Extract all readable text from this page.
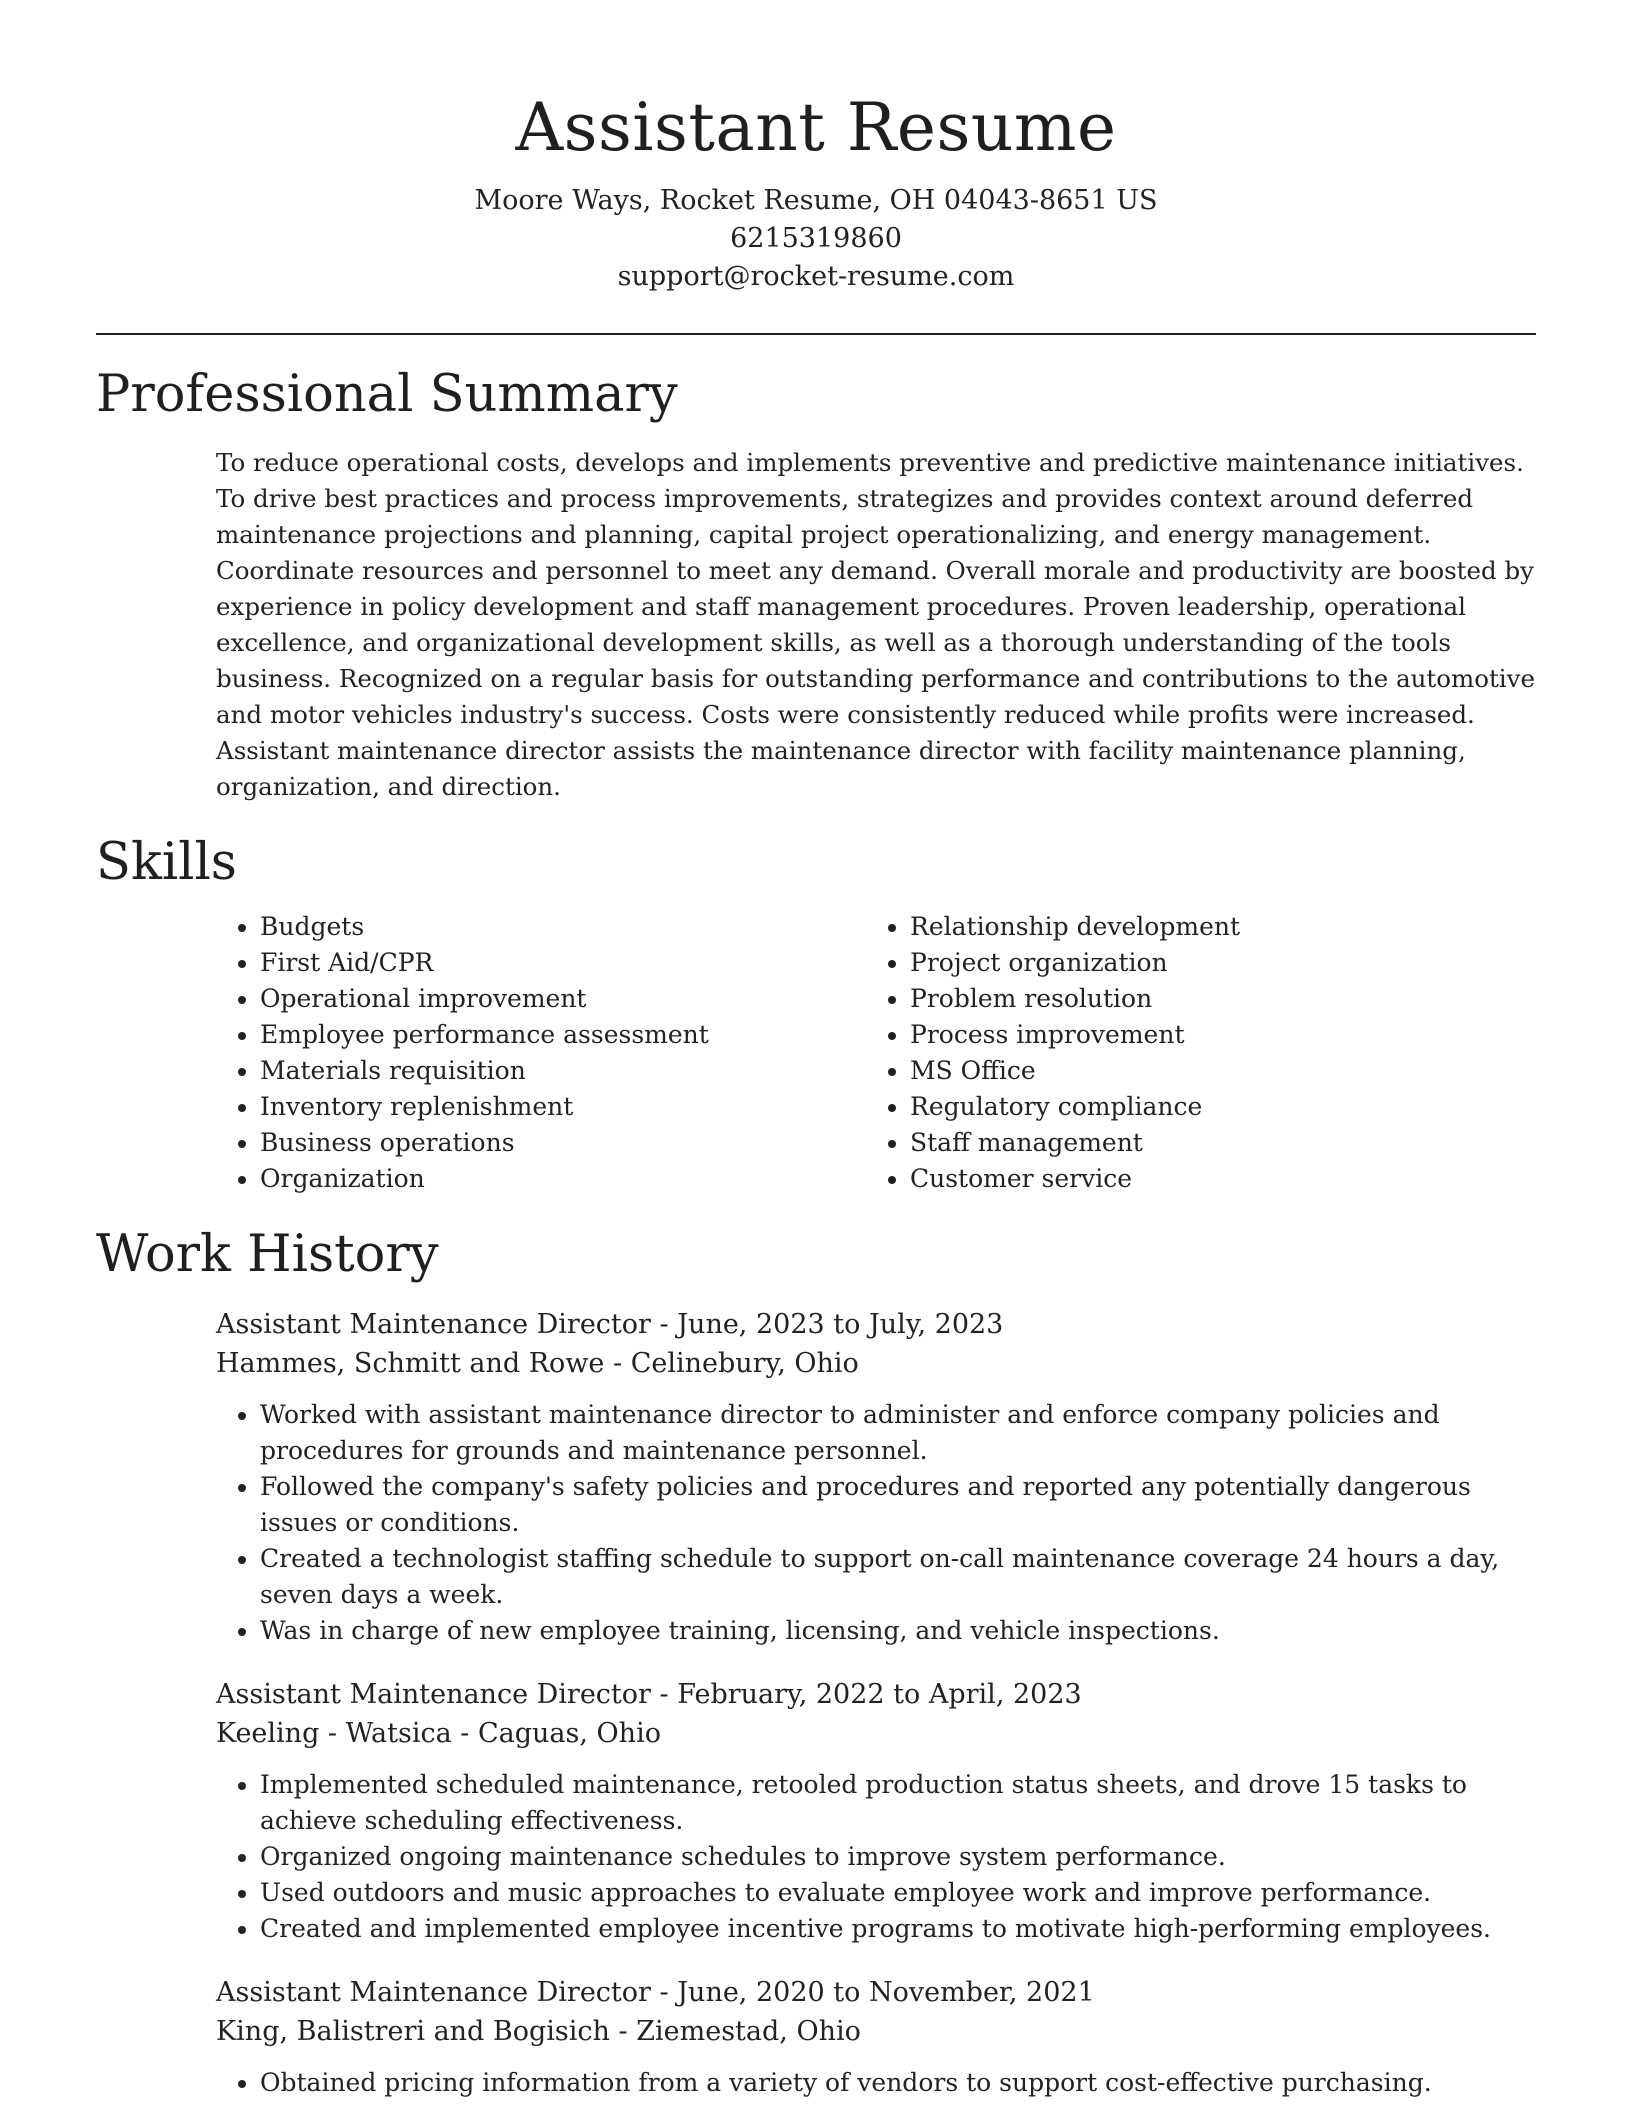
Assistant Resume
Moore Ways, Rocket Resume, OH 04043-8651 US
6215319860
support@rocket-resume.com
Professional Summary

To reduce operational costs, develops and implements preventive and predictive maintenance initiatives. To drive best practices and process improvements, strategizes and provides context around deferred maintenance projections and planning, capital project operationalizing, and energy management. Coordinate resources and personnel to meet any demand. Overall morale and productivity are boosted by experience in policy development and staff management procedures. Proven leadership, operational excellence, and organizational development skills, as well as a thorough understanding of the tools business. Recognized on a regular basis for outstanding performance and contributions to the automotive and motor vehicles industry's success. Costs were consistently reduced while profits were increased. Assistant maintenance director assists the maintenance director with facility maintenance planning, organization, and direction.

Skills
• Budgets
• First Aid/CPR
• Operational improvement
• Employee performance assessment
• Materials requisition
• Inventory replenishment
• Business operations
• Organization
• Relationship development
• Project organization
• Problem resolution
• Process improvement
• MS Office
• Regulatory compliance
• Staff management
• Customer service
Work History
Assistant Maintenance Director - June, 2023 to July, 2023
Hammes, Schmitt and Rowe - Celinebury, Ohio
• Worked with assistant maintenance director to administer and enforce company policies and procedures for grounds and maintenance personnel.
• Followed the company's safety policies and procedures and reported any potentially dangerous issues or conditions.
• Created a technologist staffing schedule to support on-call maintenance coverage 24 hours a day, seven days a week.
• Was in charge of new employee training, licensing, and vehicle inspections.
Assistant Maintenance Director - February, 2022 to April, 2023
Keeling - Watsica - Caguas, Ohio
• Implemented scheduled maintenance, retooled production status sheets, and drove 15 tasks to achieve scheduling effectiveness.
• Organized ongoing maintenance schedules to improve system performance.
• Used outdoors and music approaches to evaluate employee work and improve performance.
• Created and implemented employee incentive programs to motivate high-performing employees.
Assistant Maintenance Director - June, 2020 to November, 2021
King, Balistreri and Bogisich - Ziemestad, Ohio
• Obtained pricing information from a variety of vendors to support cost-effective purchasing.
